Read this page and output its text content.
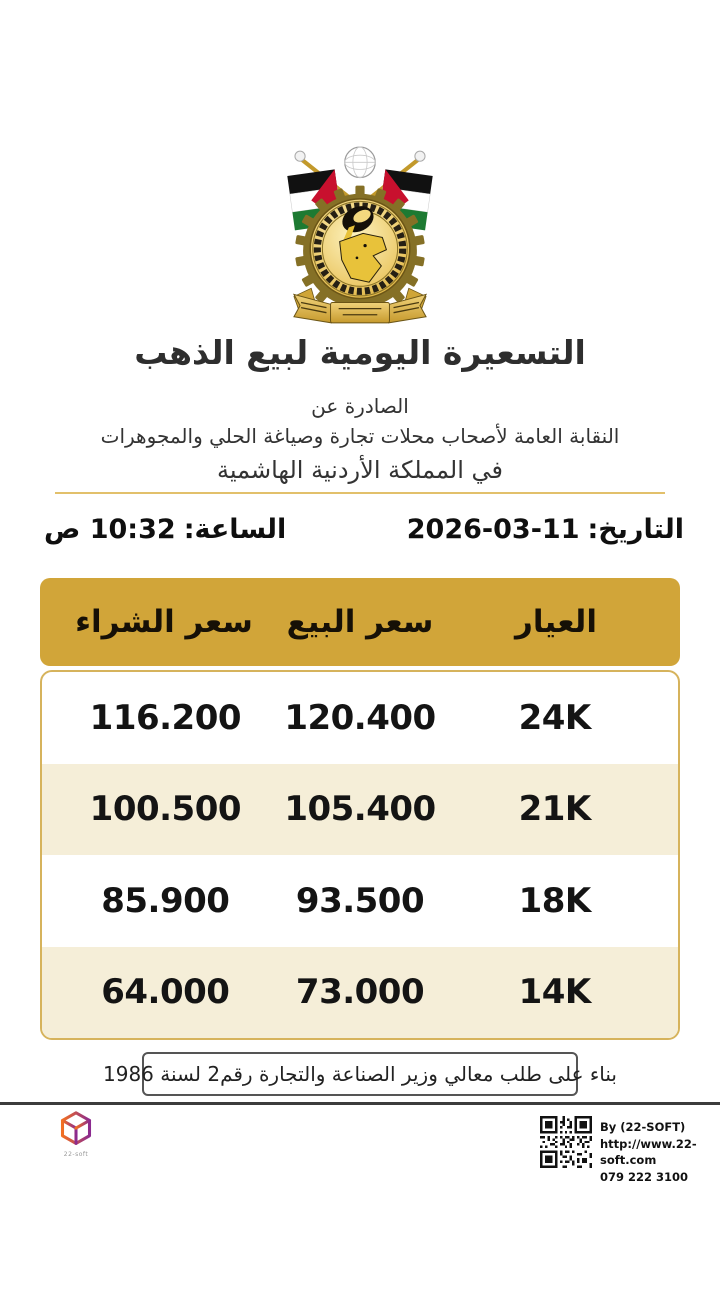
التسعيرة اليومية لبيع الذهب
الصادرة عن
النقابة العامة لأصحاب محلات تجارة وصياغة الحلي والمجوهرات
في المملكة الأردنية الهاشمية
التاريخ:11-03-2026
الساعة:10:32 ص
العيار
سعر البيع
سعر الشراء
24K
120.400
116.200
21K
105.400
100.500
18K
93.500
85.900
14K
73.000
64.000
بناء على طلب معالي وزير الصناعة والتجارة رقم2 لسنة 1986
22-soft
By (22-SOFT)
http://www.22-soft.com
079 222 3100
